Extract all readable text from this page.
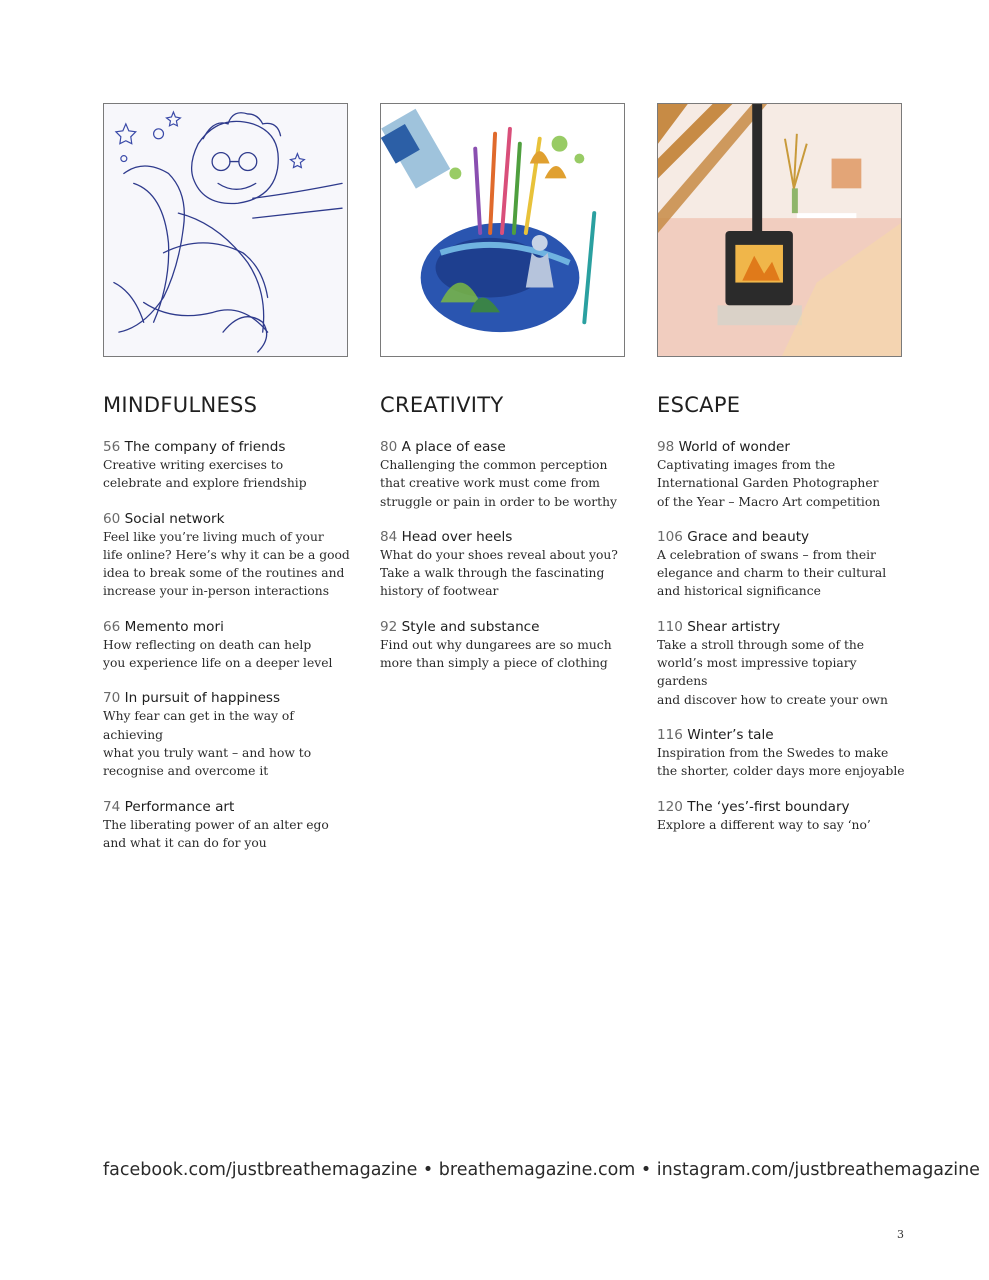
MINDFULNESS
56 The company of friends
Creative writing exercises to
celebrate and explore friendship
60 Social network
Feel like you’re living much of your
life online? Here’s why it can be a good
idea to break some of the routines and
increase your in-person interactions
66 Memento mori
How reflecting on death can help
you experience life on a deeper level
70 In pursuit of happiness
Why fear can get in the way of achieving
what you truly want – and how to
recognise and overcome it
74 Performance art
The liberating power of an alter ego
and what it can do for you
CREATIVITY
80 A place of ease
Challenging the common perception
that creative work must come from
struggle or pain in order to be worthy
84 Head over heels
What do your shoes reveal about you?
Take a walk through the fascinating
history of footwear
92 Style and substance
Find out why dungarees are so much
more than simply a piece of clothing
ESCAPE
98 World of wonder
Captivating images from the
International Garden Photographer
of the Year – Macro Art competition
106 Grace and beauty
A celebration of swans – from their
elegance and charm to their cultural
and historical significance
110 Shear artistry
Take a stroll through some of the
world’s most impressive topiary gardens
and discover how to create your own
116 Winter’s tale
Inspiration from the Swedes to make
the shorter, colder days more enjoyable
120 The ‘yes’-first boundary
Explore a different way to say ‘no’
facebook.com/justbreathemagazine • breathemagazine.com • instagram.com/justbreathemagazine
3
